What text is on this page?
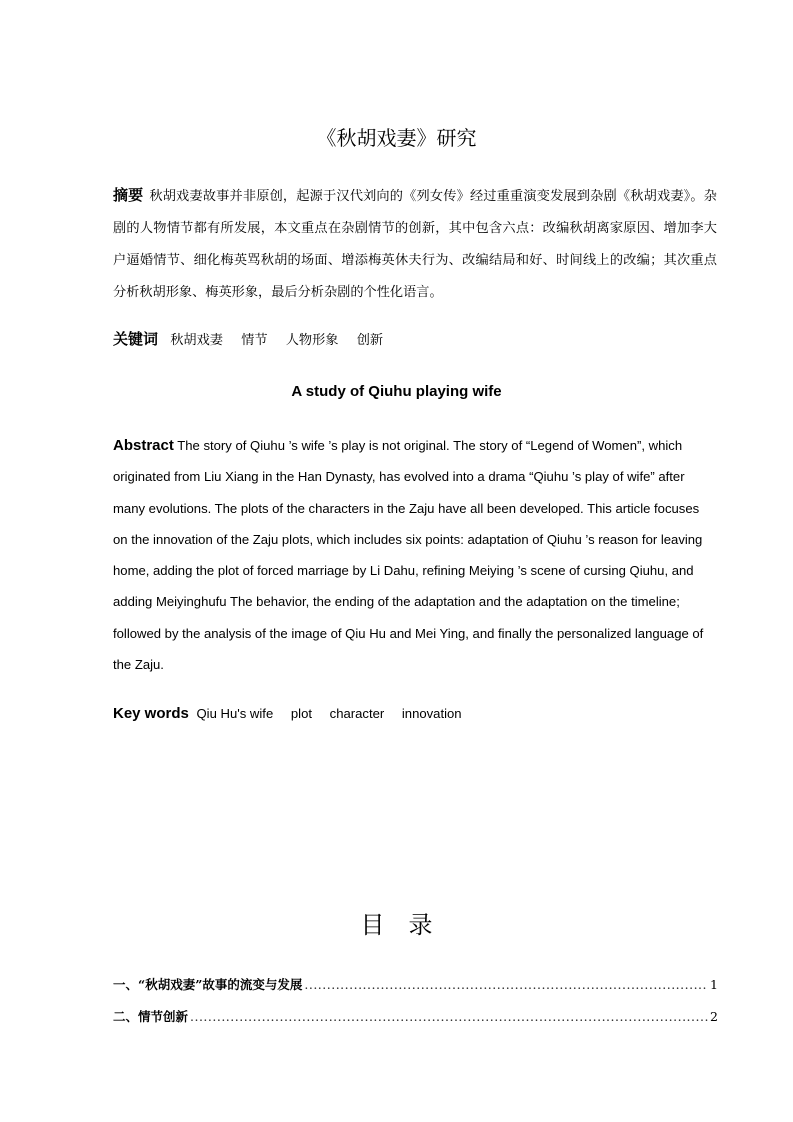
《秋胡戏妻》研究
摘要 秋胡戏妻故事并非原创，起源于汉代刘向的《列女传》经过重重演变发展到杂剧《秋胡戏妻》。杂剧的人物情节都有所发展，本文重点在杂剧情节的创新，其中包含六点：改编秋胡离家原因、增加李大户逼婚情节、细化梅英骂秋胡的场面、增添梅英休夫行为、改编结局和好、时间线上的改编；其次重点分析秋胡形象、梅英形象，最后分析杂剧的个性化语言。
关键词 秋胡戏妻 情节 人物形象 创新
A study of Qiuhu playing wife
Abstract The story of Qiuhu ’s wife ’s play is not original. The story of “Legend of Women”, which originated from Liu Xiang in the Han Dynasty, has evolved into a drama “Qiuhu ’s play of wife” after many evolutions. The plots of the characters in the Zaju have all been developed. This article focuses on the innovation of the Zaju plots, which includes six points: adaptation of Qiuhu ’s reason for leaving home, adding the plot of forced marriage by Li Dahu, refining Meiying ’s scene of cursing Qiuhu, and adding Meiyinghufu The behavior, the ending of the adaptation and the adaptation on the timeline; followed by the analysis of the image of Qiu Hu and Mei Ying, and finally the personalized language of the Zaju.
Key words Qiu Hu's wife plot character innovation
目　录
一、“秋胡戏妻”故事的流变与发展 .....	1
二、情节创新 .....	2
